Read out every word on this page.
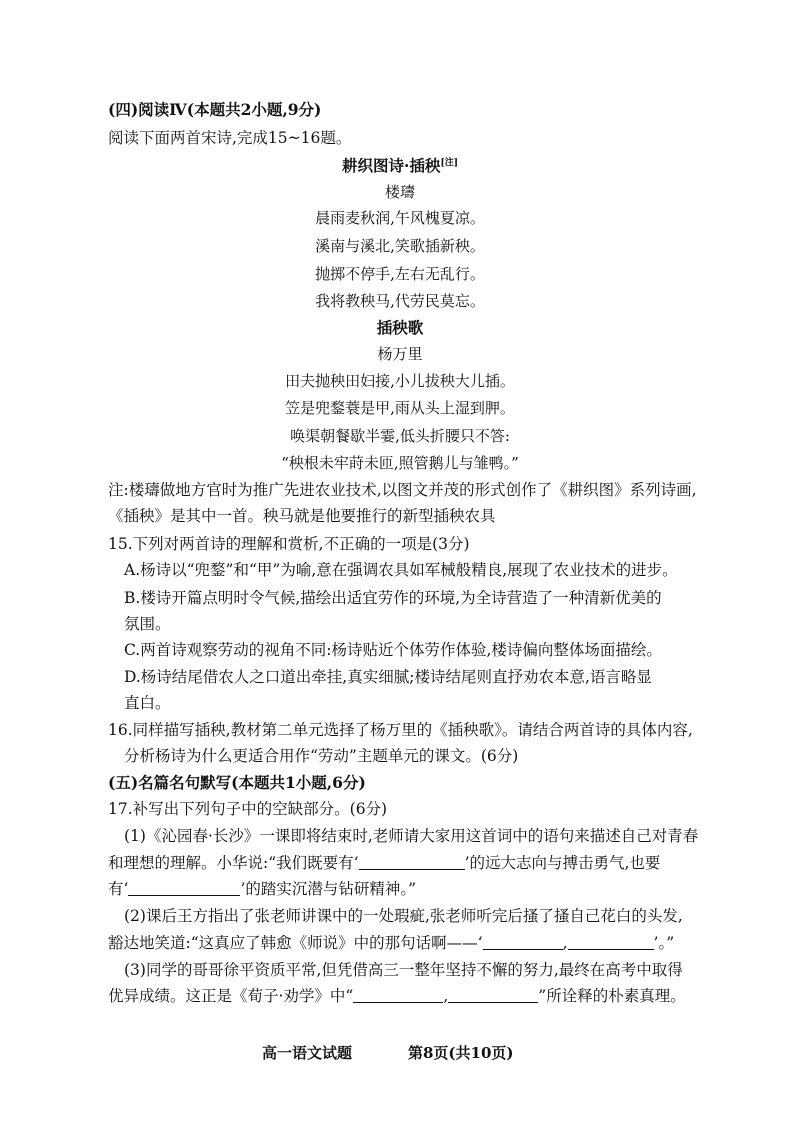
(四)阅读Ⅳ(本题共2小题,9分)
阅读下面两首宋诗,完成15~16题。
耕织图诗·插秧[注]
楼璹
晨雨麦秋润,午风槐夏凉。
溪南与溪北,笑歌插新秧。
抛掷不停手,左右无乱行。
我将教秧马,代劳民莫忘。
插秧歌
杨万里
田夫抛秧田妇接,小儿拔秧大儿插。
笠是兜鍪蓑是甲,雨从头上湿到胛。
唤渠朝餐歇半霎,低头折腰只不答:
“秧根未牢莳未匝,照管鹅儿与雏鸭。”
注:楼璹做地方官时为推广先进农业技术,以图文并茂的形式创作了《耕织图》系列诗画,
《插秧》是其中一首。秧马就是他要推行的新型插秧农具
15.下列对两首诗的理解和赏析,不正确的一项是(3分)
A.杨诗以“兜鍪”和“甲”为喻,意在强调农具如军械般精良,展现了农业技术的进步。
B.楼诗开篇点明时令气候,描绘出适宜劳作的环境,为全诗营造了一种清新优美的
氛围。
C.两首诗观察劳动的视角不同:杨诗贴近个体劳作体验,楼诗偏向整体场面描绘。
D.杨诗结尾借农人之口道出牵挂,真实细腻;楼诗结尾则直抒劝农本意,语言略显
直白。
16.同样描写插秧,教材第二单元选择了杨万里的《插秧歌》。请结合两首诗的具体内容,
分析杨诗为什么更适合用作“劳动”主题单元的课文。(6分)
(五)名篇名句默写(本题共1小题,6分)
17.补写出下列句子中的空缺部分。(6分)
(1)《沁园春·长沙》一课即将结束时,老师请大家用这首词中的语句来描述自己对青春
和理想的理解。小华说:“我们既要有‘	’的远大志向与搏击勇气,也要
有‘	’的踏实沉潜与钻研精神。”
(2)课后王方指出了张老师讲课中的一处瑕疵,张老师听完后搔了搔自己花白的头发,
豁达地笑道:“这真应了韩愈《师说》中的那句话啊——‘	,	’。”
(3)同学的哥哥徐平资质平常,但凭借高三一整年坚持不懈的努力,最终在高考中取得
优异成绩。这正是《荀子·劝学》中“	,	”所诠释的朴素真理。
高一语文试题	第8页(共10页)
